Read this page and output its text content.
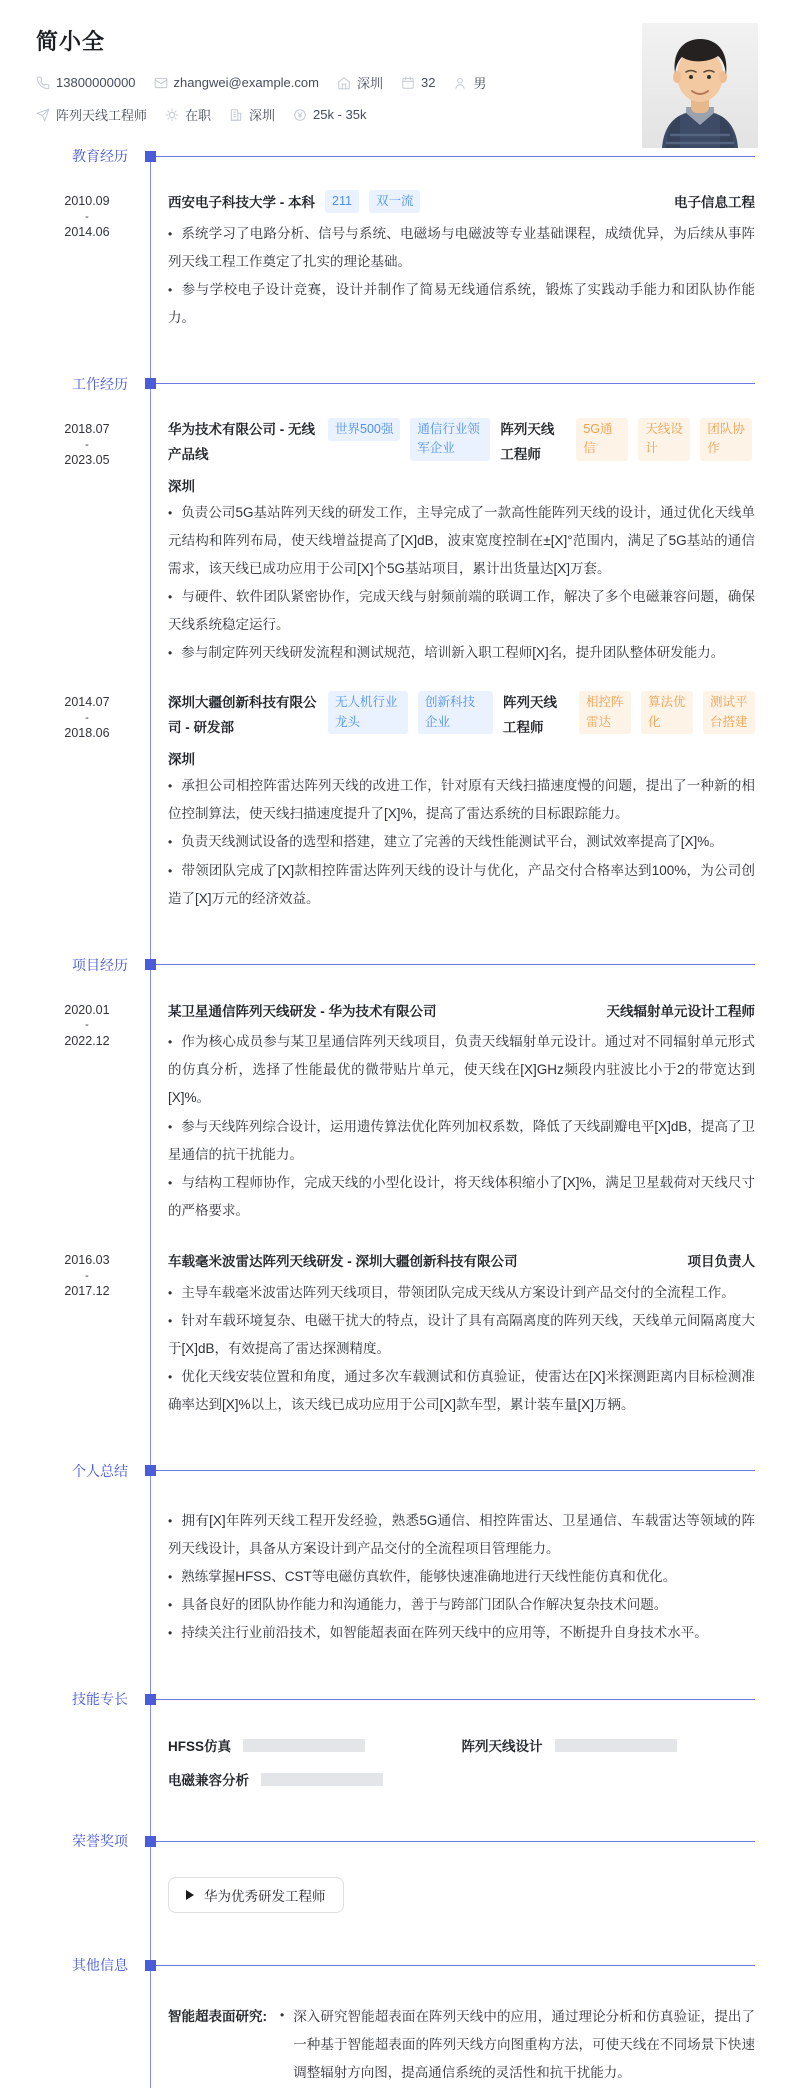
简小全
13800000000	zhangwei@example.com	深圳	32	男
阵列天线工程师	在职	深圳	25k - 35k
教育经历
2010.09
-
2014.06
西安电子科技大学 - 本科	211	双一流	电子信息工程

• 系统学习了电路分析、信号与系统、电磁场与电磁波等专业基础课程，成绩优异，为后续从事阵列天线工程工作奠定了扎实的理论基础。

• 参与学校电子设计竞赛，设计并制作了简易无线通信系统，锻炼了实践动手能力和团队协作能力。

工作经历
2018.07
-
2023.05
华为技术有限公司 - 无线产品线
世界500强	通信行业领军企业
阵列天线工程师
5G通信
天线设计
团队协作
深圳

• 负责公司5G基站阵列天线的研发工作，主导完成了一款高性能阵列天线的设计，通过优化天线单元结构和阵列布局，使天线增益提高了[X]dB，波束宽度控制在±[X]°范围内，满足了5G基站的通信需求，该天线已成功应用于公司[X]个5G基站项目，累计出货量达[X]万套。

• 与硬件、软件团队紧密协作，完成天线与射频前端的联调工作，解决了多个电磁兼容问题，确保天线系统稳定运行。

• 参与制定阵列天线研发流程和测试规范，培训新入职工程师[X]名，提升团队整体研发能力。

2014.07
-
2018.06
深圳大疆创新科技有限公司 - 研发部
无人机行业龙头
创新科技企业
阵列天线工程师
相控阵雷达
算法优化
测试平台搭建
深圳

• 承担公司相控阵雷达阵列天线的改进工作，针对原有天线扫描速度慢的问题，提出了一种新的相位控制算法，使天线扫描速度提升了[X]%，提高了雷达系统的目标跟踪能力。

• 负责天线测试设备的选型和搭建，建立了完善的天线性能测试平台，测试效率提高了[X]%。

• 带领团队完成了[X]款相控阵雷达阵列天线的设计与优化，产品交付合格率达到100%，为公司创造了[X]万元的经济效益。

项目经历
2020.01
-
2022.12
某卫星通信阵列天线研发 - 华为技术有限公司	天线辐射单元设计工程师

• 作为核心成员参与某卫星通信阵列天线项目，负责天线辐射单元设计。通过对不同辐射单元形式的仿真分析，选择了性能最优的微带贴片单元，使天线在[X]GHz频段内驻波比小于2的带宽达到[X]%。

• 参与天线阵列综合设计，运用遗传算法优化阵列加权系数，降低了天线副瓣电平[X]dB，提高了卫星通信的抗干扰能力。

• 与结构工程师协作，完成天线的小型化设计，将天线体积缩小了[X]%，满足卫星载荷对天线尺寸的严格要求。

2016.03
-
2017.12
车载毫米波雷达阵列天线研发 - 深圳大疆创新科技有限公司	项目负责人

• 主导车载毫米波雷达阵列天线项目，带领团队完成天线从方案设计到产品交付的全流程工作。

• 针对车载环境复杂、电磁干扰大的特点，设计了具有高隔离度的阵列天线，天线单元间隔离度大于[X]dB，有效提高了雷达探测精度。

• 优化天线安装位置和角度，通过多次车载测试和仿真验证，使雷达在[X]米探测距离内目标检测准确率达到[X]%以上，该天线已成功应用于公司[X]款车型，累计装车量[X]万辆。

个人总结

• 拥有[X]年阵列天线工程开发经验，熟悉5G通信、相控阵雷达、卫星通信、车载雷达等领域的阵列天线设计，具备从方案设计到产品交付的全流程项目管理能力。

• 熟练掌握HFSS、CST等电磁仿真软件，能够快速准确地进行天线性能仿真和优化。

• 具备良好的团队协作能力和沟通能力，善于与跨部门团队合作解决复杂技术问题。

• 持续关注行业前沿技术，如智能超表面在阵列天线中的应用等，不断提升自身技术水平。

技能专长
HFSS仿真	阵列天线设计
电磁兼容分析
荣誉奖项
华为优秀研发工程师
其他信息
智能超表面研究:	• 深入研究智能超表面在阵列天线中的应用，通过理论分析和仿真验证，提出了一种基于智能超表面的阵列天线方向图重构方法，可使天线在不同场景下快速调整辐射方向图，提高通信系统的灵活性和抗干扰能力。
